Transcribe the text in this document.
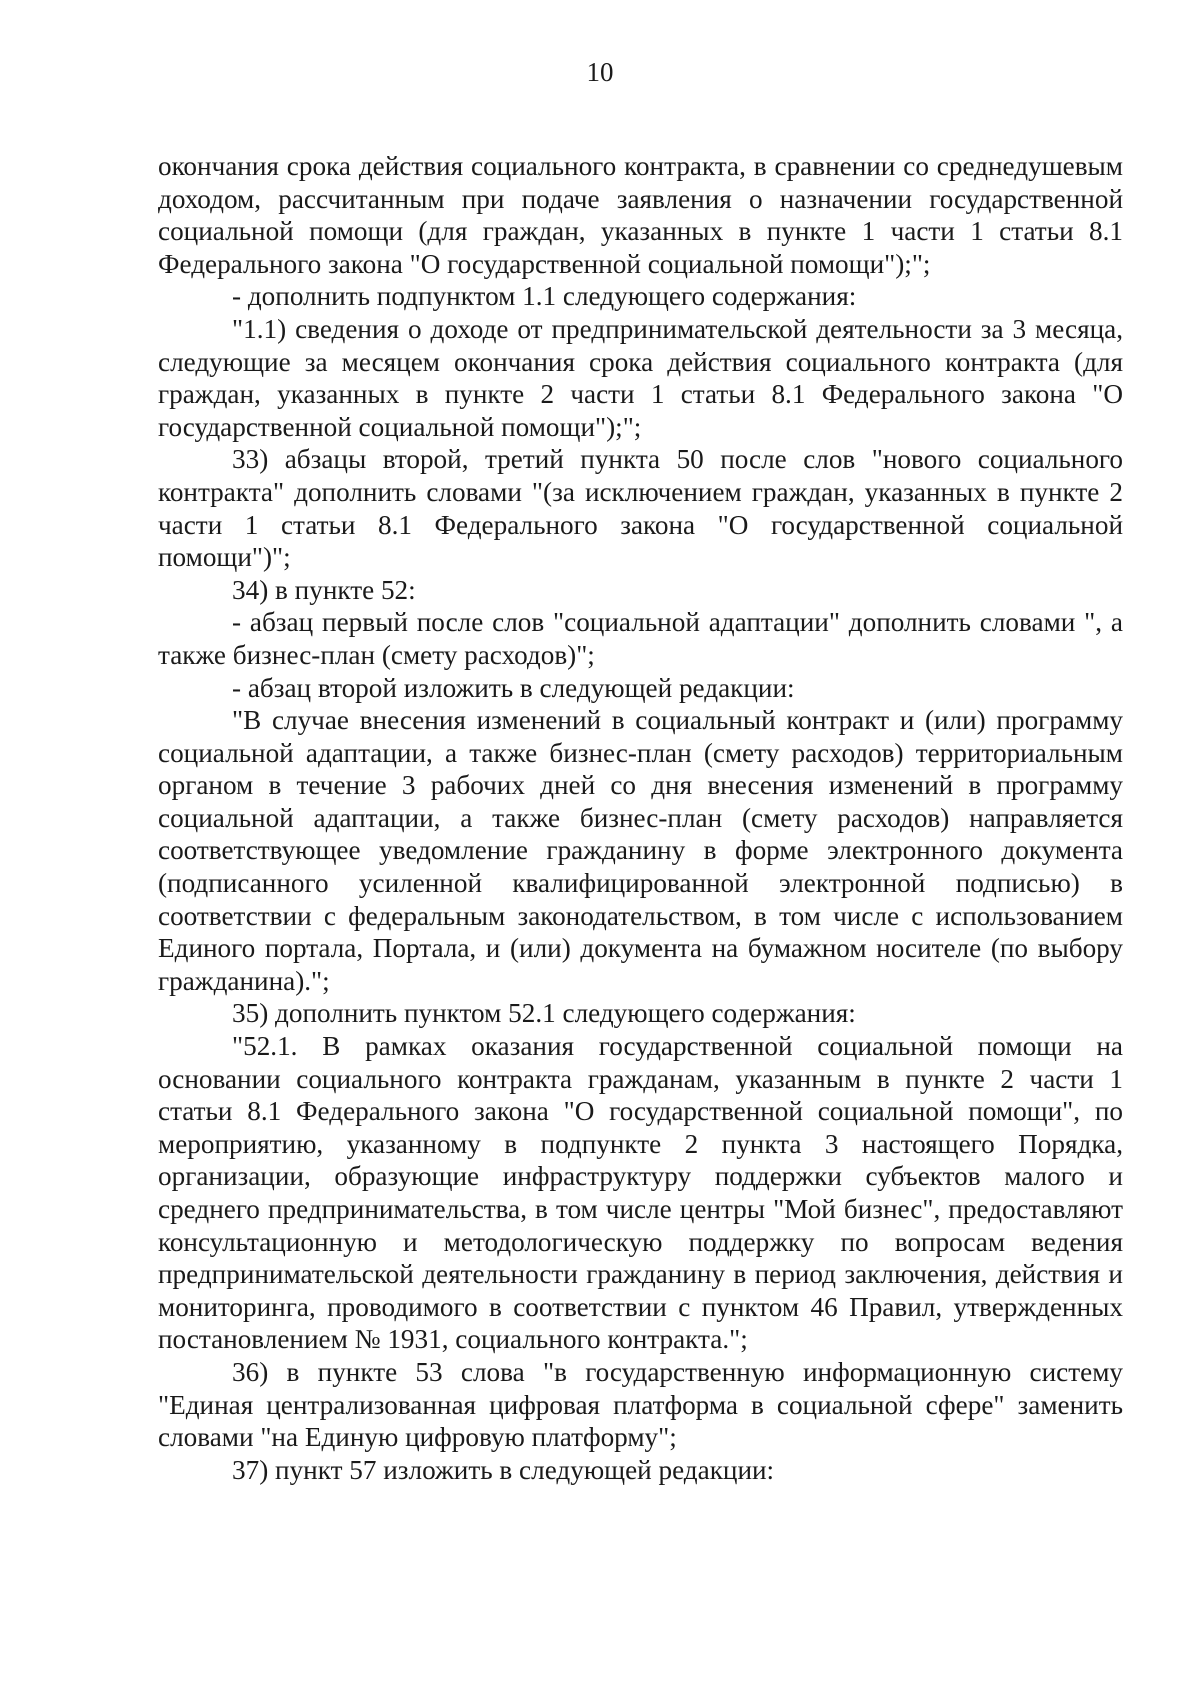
10

окончания срока действия социального контракта, в сравнении со среднедушевым доходом, рассчитанным при подаче заявления о назначении государственной социальной помощи (для граждан, указанных в пункте 1 части 1 статьи 8.1 Федерального закона "О государственной социальной помощи");";

- дополнить подпунктом 1.1 следующего содержания:

"1.1) сведения о доходе от предпринимательской деятельности за 3 месяца, следующие за месяцем окончания срока действия социального контракта (для граждан, указанных в пункте 2 части 1 статьи 8.1 Федерального закона "О государственной социальной помощи");";

33) абзацы второй, третий пункта 50 после слов "нового социального контракта" дополнить словами "(за исключением граждан, указанных в пункте 2 части 1 статьи 8.1 Федерального закона "О государственной социальной помощи")";

34) в пункте 52:

- абзац первый после слов "социальной адаптации" дополнить словами ", а также бизнес-план (смету расходов)";

- абзац второй изложить в следующей редакции:

"В случае внесения изменений в социальный контракт и (или) программу социальной адаптации, а также бизнес-план (смету расходов) территориальным органом в течение 3 рабочих дней со дня внесения изменений в программу социальной адаптации, а также бизнес-план (смету расходов) направляется соответствующее уведомление гражданину в форме электронного документа (подписанного усиленной квалифицированной электронной подписью) в соответствии с федеральным законодательством, в том числе с использованием Единого портала, Портала, и (или) документа на бумажном носителе (по выбору гражданина).";

35) дополнить пунктом 52.1 следующего содержания:

"52.1. В рамках оказания государственной социальной помощи на основании социального контракта гражданам, указанным в пункте 2 части 1 статьи 8.1 Федерального закона "О государственной социальной помощи", по мероприятию, указанному в подпункте 2 пункта 3 настоящего Порядка, организации, образующие инфраструктуру поддержки субъектов малого и среднего предпринимательства, в том числе центры "Мой бизнес", предоставляют консультационную и методологическую поддержку по вопросам ведения предпринимательской деятельности гражданину в период заключения, действия и мониторинга, проводимого в соответствии с пунктом 46 Правил, утвержденных постановлением № 1931, социального контракта.";

36) в пункте 53 слова "в государственную информационную систему "Единая централизованная цифровая платформа в социальной сфере" заменить словами "на Единую цифровую платформу";

37) пункт 57 изложить в следующей редакции:
